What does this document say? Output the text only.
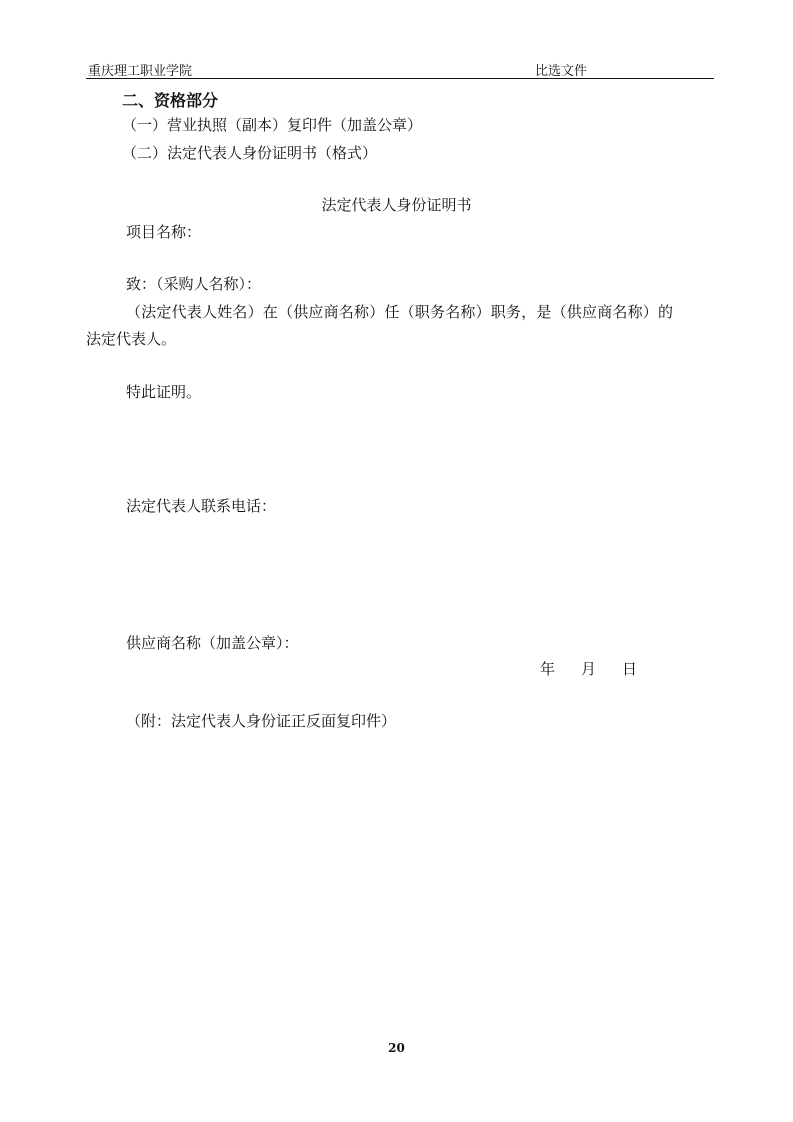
重庆理工职业学院	比选文件
二、资格部分
（一）营业执照（副本）复印件（加盖公章）
（二）法定代表人身份证明书（格式）
法定代表人身份证明书
项目名称：
致：（采购人名称）：
（法定代表人姓名）在（供应商名称）任（职务名称）职务，是（供应商名称）的
法定代表人。
特此证明。
法定代表人联系电话：
供应商名称（加盖公章）：
年 月 日
（附：法定代表人身份证正反面复印件）
20
